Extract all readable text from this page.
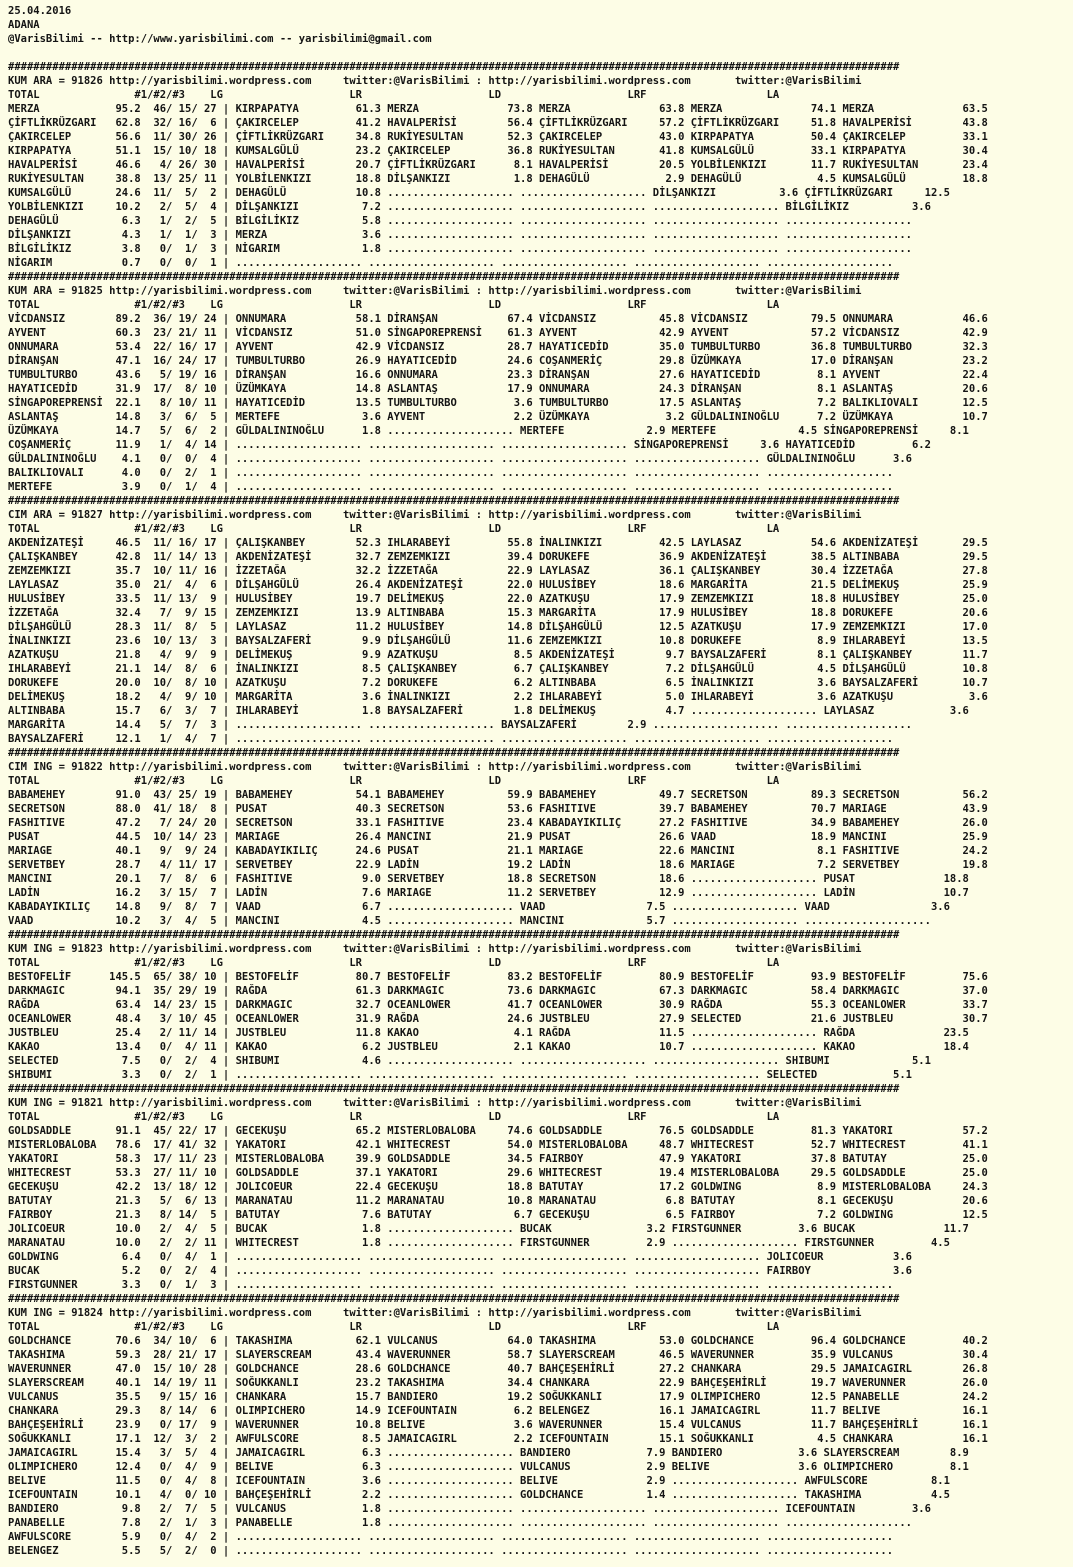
25.04.2016
ADANA
@VarisBilimi -- http://www.yarisbilimi.com -- yarisbilimi@gmail.com

#############################################################################################################################################
KUM ARA = 91826 http://yarisbilimi.wordpress.com     twitter:@VarisBilimi : http://yarisbilimi.wordpress.com       twitter:@VarisBilimi
TOTAL               #1/#2/#3    LG                    LR                    LD                    LRF                   LA
MERZA            95.2  46/ 15/ 27 | KIRPAPATYA         61.3 MERZA              73.8 MERZA              63.8 MERZA              74.1 MERZA              63.5
ÇİFTLİKRÜZGARI   62.8  32/ 16/  6 | ÇAKIRCELEP         41.2 HAVALPERİSİ        56.4 ÇİFTLİKRÜZGARI     57.2 ÇİFTLİKRÜZGARI     51.8 HAVALPERİSİ        43.8
ÇAKIRCELEP       56.6  11/ 30/ 26 | ÇİFTLİKRÜZGARI     34.8 RUKİYESULTAN       52.3 ÇAKIRCELEP         43.0 KIRPAPATYA         50.4 ÇAKIRCELEP         33.1
KIRPAPATYA       51.1  15/ 10/ 18 | KUMSALGÜLÜ         23.2 ÇAKIRCELEP         36.8 RUKİYESULTAN       41.8 KUMSALGÜLÜ         33.1 KIRPAPATYA         30.4
HAVALPERİSİ      46.6   4/ 26/ 30 | HAVALPERİSİ        20.7 ÇİFTLİKRÜZGARI      8.1 HAVALPERİSİ        20.5 YOLBİLENKIZI       11.7 RUKİYESULTAN       23.4
RUKİYESULTAN     38.8  13/ 25/ 11 | YOLBİLENKIZI       18.8 DİLŞANKIZI          1.8 DEHAGÜLÜ            2.9 DEHAGÜLÜ            4.5 KUMSALGÜLÜ         18.8
KUMSALGÜLÜ       24.6  11/  5/  2 | DEHAGÜLÜ           10.8 .................... .................... DİLŞANKIZI          3.6 ÇİFTLİKRÜZGARI     12.5
YOLBİLENKIZI     10.2   2/  5/  4 | DİLŞANKIZI          7.2 .................... .................... .................... BİLGİLİKIZ          3.6
DEHAGÜLÜ          6.3   1/  2/  5 | BİLGİLİKIZ          5.8 .................... .................... .................... ....................
DİLŞANKIZI        4.3   1/  1/  3 | MERZA               3.6 .................... .................... .................... ....................
BİLGİLİKIZ        3.8   0/  1/  3 | NİGARIM             1.8 .................... .................... .................... ....................
NİGARIM           0.7   0/  0/  1 | .................... .................... .................... .................... ....................
#############################################################################################################################################
KUM ARA = 91825 http://yarisbilimi.wordpress.com     twitter:@VarisBilimi : http://yarisbilimi.wordpress.com       twitter:@VarisBilimi
TOTAL               #1/#2/#3    LG                    LR                    LD                    LRF                   LA
VİCDANSIZ        89.2  36/ 19/ 24 | ONNUMARA           58.1 DİRANŞAN           67.4 VİCDANSIZ          45.8 VİCDANSIZ          79.5 ONNUMARA           46.6
AYVENT           60.3  23/ 21/ 11 | VİCDANSIZ          51.0 SİNGAPOREPRENSİ    61.3 AYVENT             42.9 AYVENT             57.2 VİCDANSIZ          42.9
ONNUMARA         53.4  22/ 16/ 17 | AYVENT             42.9 VİCDANSIZ          28.7 HAYATICEDİD        35.0 TUMBULTURBO        36.8 TUMBULTURBO        32.3
DİRANŞAN         47.1  16/ 24/ 17 | TUMBULTURBO        26.9 HAYATICEDİD        24.6 COŞANMERİÇ         29.8 ÜZÜMKAYA           17.0 DİRANŞAN           23.2
TUMBULTURBO      43.6   5/ 19/ 16 | DİRANŞAN           16.6 ONNUMARA           23.3 DİRANŞAN           27.6 HAYATICEDİD         8.1 AYVENT             22.4
HAYATICEDİD      31.9  17/  8/ 10 | ÜZÜMKAYA           14.8 ASLANTAŞ           17.9 ONNUMARA           24.3 DİRANŞAN            8.1 ASLANTAŞ           20.6
SİNGAPOREPRENSİ  22.1   8/ 10/ 11 | HAYATICEDİD        13.5 TUMBULTURBO         3.6 TUMBULTURBO        17.5 ASLANTAŞ            7.2 BALIKLIOVALI       12.5
ASLANTAŞ         14.8   3/  6/  5 | MERTEFE             3.6 AYVENT              2.2 ÜZÜMKAYA            3.2 GÜLDALININOĞLU      7.2 ÜZÜMKAYA           10.7
ÜZÜMKAYA         14.7   5/  6/  2 | GÜLDALININOĞLU      1.8 .................... MERTEFE             2.9 MERTEFE             4.5 SİNGAPOREPRENSİ     8.1
COŞANMERİÇ       11.9   1/  4/ 14 | .................... .................... .................... SİNGAPOREPRENSİ     3.6 HAYATICEDİD         6.2
GÜLDALININOĞLU    4.1   0/  0/  4 | .................... .................... .................... .................... GÜLDALININOĞLU      3.6
BALIKLIOVALI      4.0   0/  2/  1 | .................... .................... .................... .................... ....................
MERTEFE           3.9   0/  1/  4 | .................... .................... .................... .................... ....................
#############################################################################################################################################
CIM ARA = 91827 http://yarisbilimi.wordpress.com     twitter:@VarisBilimi : http://yarisbilimi.wordpress.com       twitter:@VarisBilimi
TOTAL               #1/#2/#3    LG                    LR                    LD                    LRF                   LA
AKDENİZATEŞİ     46.5  11/ 16/ 17 | ÇALIŞKANBEY        52.3 IHLARABEYİ         55.8 İNALINKIZI         42.5 LAYLASAZ           54.6 AKDENİZATEŞİ       29.5
ÇALIŞKANBEY      42.8  11/ 14/ 13 | AKDENİZATEŞİ       32.7 ZEMZEMKIZI         39.4 DORUKEFE           36.9 AKDENİZATEŞİ       38.5 ALTINBABA          29.5
ZEMZEMKIZI       35.7  10/ 11/ 16 | İZZETAĞA           32.2 İZZETAĞA           22.9 LAYLASAZ           36.1 ÇALIŞKANBEY        30.4 İZZETAĞA           27.8
LAYLASAZ         35.0  21/  4/  6 | DİLŞAHGÜLÜ         26.4 AKDENİZATEŞİ       22.0 HULUSİBEY          18.6 MARGARİTA          21.5 DELİMEKUŞ          25.9
HULUSİBEY        33.5  11/ 13/  9 | HULUSİBEY          19.7 DELİMEKUŞ          22.0 AZATKUŞU           17.9 ZEMZEMKIZI         18.8 HULUSİBEY          25.0
İZZETAĞA         32.4   7/  9/ 15 | ZEMZEMKIZI         13.9 ALTINBABA          15.3 MARGARİTA          17.9 HULUSİBEY          18.8 DORUKEFE           20.6
DİLŞAHGÜLÜ       28.3  11/  8/  5 | LAYLASAZ           11.2 HULUSİBEY          14.8 DİLŞAHGÜLÜ         12.5 AZATKUŞU           17.9 ZEMZEMKIZI         17.0
İNALINKIZI       23.6  10/ 13/  3 | BAYSALZAFERİ        9.9 DİLŞAHGÜLÜ         11.6 ZEMZEMKIZI         10.8 DORUKEFE            8.9 IHLARABEYİ         13.5
AZATKUŞU         21.8   4/  9/  9 | DELİMEKUŞ           9.9 AZATKUŞU            8.5 AKDENİZATEŞİ        9.7 BAYSALZAFERİ        8.1 ÇALIŞKANBEY        11.7
IHLARABEYİ       21.1  14/  8/  6 | İNALINKIZI          8.5 ÇALIŞKANBEY         6.7 ÇALIŞKANBEY         7.2 DİLŞAHGÜLÜ          4.5 DİLŞAHGÜLÜ         10.8
DORUKEFE         20.0  10/  8/ 10 | AZATKUŞU            7.2 DORUKEFE            6.2 ALTINBABA           6.5 İNALINKIZI          3.6 BAYSALZAFERİ       10.7
DELİMEKUŞ        18.2   4/  9/ 10 | MARGARİTA           3.6 İNALINKIZI          2.2 IHLARABEYİ          5.0 IHLARABEYİ          3.6 AZATKUŞU            3.6
ALTINBABA        15.7   6/  3/  7 | IHLARABEYİ          1.8 BAYSALZAFERİ        1.8 DELİMEKUŞ           4.7 .................... LAYLASAZ            3.6
MARGARİTA        14.4   5/  7/  3 | .................... .................... BAYSALZAFERİ        2.9 .................... ....................
BAYSALZAFERİ     12.1   1/  4/  7 | .................... .................... .................... .................... ....................
#############################################################################################################################################
CIM ING = 91822 http://yarisbilimi.wordpress.com     twitter:@VarisBilimi : http://yarisbilimi.wordpress.com       twitter:@VarisBilimi
TOTAL               #1/#2/#3    LG                    LR                    LD                    LRF                   LA
BABAMEHEY        91.0  43/ 25/ 19 | BABAMEHEY          54.1 BABAMEHEY          59.9 BABAMEHEY          49.7 SECRETSON          89.3 SECRETSON          56.2
SECRETSON        88.0  41/ 18/  8 | PUSAT              40.3 SECRETSON          53.6 FASHITIVE          39.7 BABAMEHEY          70.7 MARIAGE            43.9
FASHITIVE        47.2   7/ 24/ 20 | SECRETSON          33.1 FASHITIVE          23.4 KABADAYIKILIÇ      27.2 FASHITIVE          34.9 BABAMEHEY          26.0
PUSAT            44.5  10/ 14/ 23 | MARIAGE            26.4 MANCINI            21.9 PUSAT              26.6 VAAD               18.9 MANCINI            25.9
MARIAGE          40.1   9/  9/ 24 | KABADAYIKILIÇ      24.6 PUSAT              21.1 MARIAGE            22.6 MANCINI             8.1 FASHITIVE          24.2
SERVETBEY        28.7   4/ 11/ 17 | SERVETBEY          22.9 LADİN              19.2 LADİN              18.6 MARIAGE             7.2 SERVETBEY          19.8
MANCINI          20.1   7/  8/  6 | FASHITIVE           9.0 SERVETBEY          18.8 SECRETSON          18.6 .................... PUSAT              18.8
LADİN            16.2   3/ 15/  7 | LADİN               7.6 MARIAGE            11.2 SERVETBEY          12.9 .................... LADİN              10.7
KABADAYIKILIÇ    14.8   9/  8/  7 | VAAD                6.7 .................... VAAD                7.5 .................... VAAD                3.6
VAAD             10.2   3/  4/  5 | MANCINI             4.5 .................... MANCINI             5.7 .................... ....................
#############################################################################################################################################
KUM ING = 91823 http://yarisbilimi.wordpress.com     twitter:@VarisBilimi : http://yarisbilimi.wordpress.com       twitter:@VarisBilimi
TOTAL               #1/#2/#3    LG                    LR                    LD                    LRF                   LA
BESTOFELİF      145.5  65/ 38/ 10 | BESTOFELİF         80.7 BESTOFELİF         83.2 BESTOFELİF         80.9 BESTOFELİF         93.9 BESTOFELİF         75.6
DARKMAGIC        94.1  35/ 29/ 19 | RAĞDA              61.3 DARKMAGIC          73.6 DARKMAGIC          67.3 DARKMAGIC          58.4 DARKMAGIC          37.0
RAĞDA            63.4  14/ 23/ 15 | DARKMAGIC          32.7 OCEANLOWER         41.7 OCEANLOWER         30.9 RAĞDA              55.3 OCEANLOWER         33.7
OCEANLOWER       48.4   3/ 10/ 45 | OCEANLOWER         31.9 RAĞDA              24.6 JUSTBLEU           27.9 SELECTED           21.6 JUSTBLEU           30.7
JUSTBLEU         25.4   2/ 11/ 14 | JUSTBLEU           11.8 KAKAO               4.1 RAĞDA              11.5 .................... RAĞDA              23.5
KAKAO            13.4   0/  4/ 11 | KAKAO               6.2 JUSTBLEU            2.1 KAKAO              10.7 .................... KAKAO              18.4
SELECTED          7.5   0/  2/  4 | SHIBUMI             4.6 .................... .................... .................... SHIBUMI             5.1
SHIBUMI           3.3   0/  2/  1 | .................... .................... .................... .................... SELECTED            5.1
#############################################################################################################################################
KUM ING = 91821 http://yarisbilimi.wordpress.com     twitter:@VarisBilimi : http://yarisbilimi.wordpress.com       twitter:@VarisBilimi
TOTAL               #1/#2/#3    LG                    LR                    LD                    LRF                   LA
GOLDSADDLE       91.1  45/ 22/ 17 | GECEKUŞU           65.2 MISTERLOBALOBA     74.6 GOLDSADDLE         76.5 GOLDSADDLE         81.3 YAKATORI           57.2
MISTERLOBALOBA   78.6  17/ 41/ 32 | YAKATORI           42.1 WHITECREST         54.0 MISTERLOBALOBA     48.7 WHITECREST         52.7 WHITECREST         41.1
YAKATORI         58.3  17/ 11/ 23 | MISTERLOBALOBA     39.9 GOLDSADDLE         34.5 FAIRBOY            47.9 YAKATORI           37.8 BATUTAY            25.0
WHITECREST       53.3  27/ 11/ 10 | GOLDSADDLE         37.1 YAKATORI           29.6 WHITECREST         19.4 MISTERLOBALOBA     29.5 GOLDSADDLE         25.0
GECEKUŞU         42.2  13/ 18/ 12 | JOLICOEUR          22.4 GECEKUŞU           18.8 BATUTAY            17.2 GOLDWING            8.9 MISTERLOBALOBA     24.3
BATUTAY          21.3   5/  6/ 13 | MARANATAU          11.2 MARANATAU          10.8 MARANATAU           6.8 BATUTAY             8.1 GECEKUŞU           20.6
FAIRBOY          21.3   8/ 14/  5 | BATUTAY             7.6 BATUTAY             6.7 GECEKUŞU            6.5 FAIRBOY             7.2 GOLDWING           12.5
JOLICOEUR        10.0   2/  4/  5 | BUCAK               1.8 .................... BUCAK               3.2 FIRSTGUNNER         3.6 BUCAK              11.7
MARANATAU        10.0   2/  2/ 11 | WHITECREST          1.8 .................... FIRSTGUNNER         2.9 .................... FIRSTGUNNER         4.5
GOLDWING          6.4   0/  4/  1 | .................... .................... .................... .................... JOLICOEUR           3.6
BUCAK             5.2   0/  2/  4 | .................... .................... .................... .................... FAIRBOY             3.6
FIRSTGUNNER       3.3   0/  1/  3 | .................... .................... .................... .................... ....................
#############################################################################################################################################
KUM ING = 91824 http://yarisbilimi.wordpress.com     twitter:@VarisBilimi : http://yarisbilimi.wordpress.com       twitter:@VarisBilimi
TOTAL               #1/#2/#3    LG                    LR                    LD                    LRF                   LA
GOLDCHANCE       70.6  34/ 10/  6 | TAKASHIMA          62.1 VULCANUS           64.0 TAKASHIMA          53.0 GOLDCHANCE         96.4 GOLDCHANCE         40.2
TAKASHIMA        59.3  28/ 21/ 17 | SLAYERSCREAM       43.4 WAVERUNNER         58.7 SLAYERSCREAM       46.5 WAVERUNNER         35.9 VULCANUS           30.4
WAVERUNNER       47.0  15/ 10/ 28 | GOLDCHANCE         28.6 GOLDCHANCE         40.7 BAHÇEŞEHİRLİ       27.2 CHANKARA           29.5 JAMAICAGIRL        26.8
SLAYERSCREAM     40.1  14/ 19/ 11 | SOĞUKKANLI         23.2 TAKASHIMA          34.4 CHANKARA           22.9 BAHÇEŞEHİRLİ       19.7 WAVERUNNER         26.0
VULCANUS         35.5   9/ 15/ 16 | CHANKARA           15.7 BANDIERO           19.2 SOĞUKKANLI         17.9 OLIMPICHERO        12.5 PANABELLE          24.2
CHANKARA         29.3   8/ 14/  6 | OLIMPICHERO        14.9 ICEFOUNTAIN         6.2 BELENGEZ           16.1 JAMAICAGIRL        11.7 BELIVE             16.1
BAHÇEŞEHİRLİ     23.9   0/ 17/  9 | WAVERUNNER         10.8 BELIVE              3.6 WAVERUNNER         15.4 VULCANUS           11.7 BAHÇEŞEHİRLİ       16.1
SOĞUKKANLI       17.1  12/  3/  2 | AWFULSCORE          8.5 JAMAICAGIRL         2.2 ICEFOUNTAIN        15.1 SOĞUKKANLI          4.5 CHANKARA           16.1
JAMAICAGIRL      15.4   3/  5/  4 | JAMAICAGIRL         6.3 .................... BANDIERO            7.9 BANDIERO            3.6 SLAYERSCREAM        8.9
OLIMPICHERO      12.4   0/  4/  9 | BELIVE              6.3 .................... VULCANUS            2.9 BELIVE              3.6 OLIMPICHERO         8.1
BELIVE           11.5   0/  4/  8 | ICEFOUNTAIN         3.6 .................... BELIVE              2.9 .................... AWFULSCORE          8.1
ICEFOUNTAIN      10.1   4/  0/ 10 | BAHÇEŞEHİRLİ        2.2 .................... GOLDCHANCE          1.4 .................... TAKASHIMA           4.5
BANDIERO          9.8   2/  7/  5 | VULCANUS            1.8 .................... .................... .................... ICEFOUNTAIN         3.6
PANABELLE         7.8   2/  1/  3 | PANABELLE           1.8 .................... .................... .................... ....................
AWFULSCORE        5.9   0/  4/  2 | .................... .................... .................... .................... ....................
BELENGEZ          5.5   5/  2/  0 | .................... .................... .................... .................... ....................
